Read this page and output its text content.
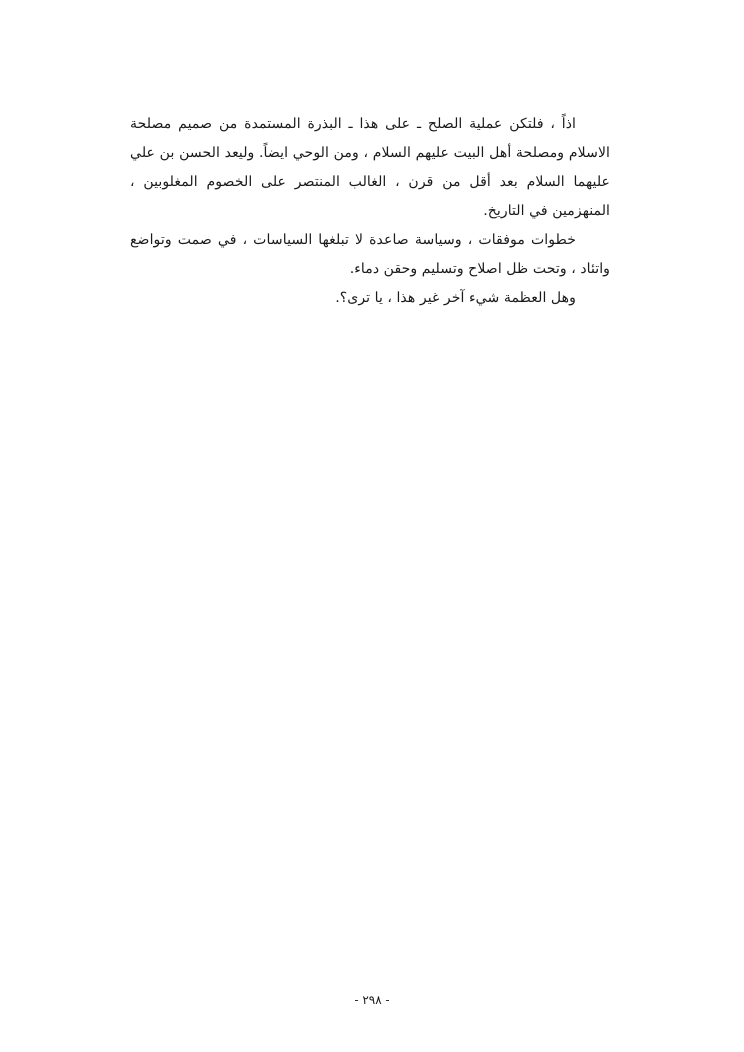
اذاً ، فلتكن عملية الصلح ـ على هذا ـ البذرة المستمدة من صميم مصلحة الاسلام ومصلحة أهل البيت عليهم السلام ، ومن الوحي ايضاً. وليعد الحسن بن علي عليهما السلام بعد أقل من قرن ، الغالب المنتصر على الخصوم المغلوبين ، المنهزمين في التاريخ.

خطوات موفقات ، وسياسة صاعدة لا تبلغها السياسات ، في صمت وتواضع واتئاد ، وتحت ظل اصلاح وتسليم وحقن دماء.

وهل العظمة شيء آخر غير هذا ، يا ترى؟.

- ٢٩٨ -
